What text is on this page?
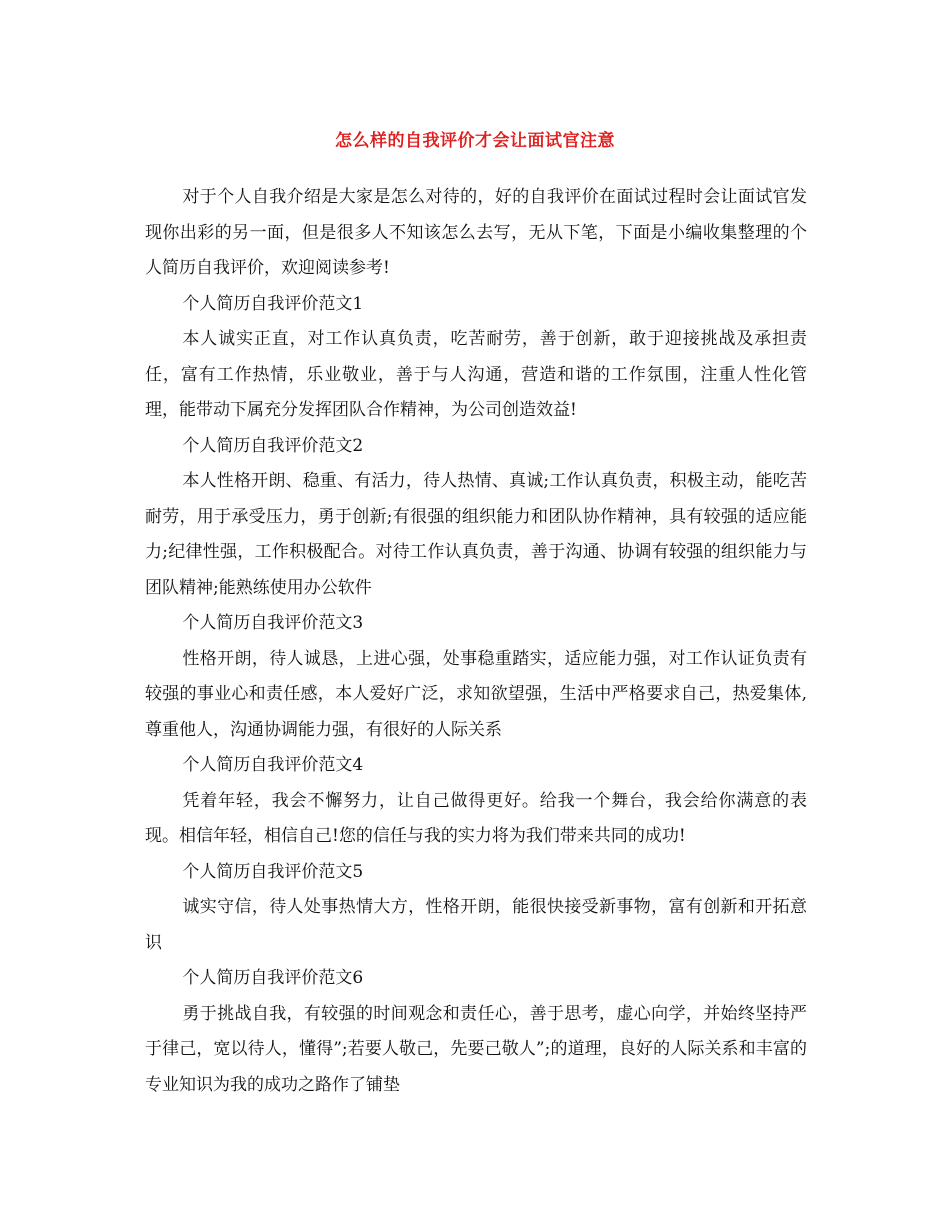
怎么样的自我评价才会让面试官注意

对于个人自我介绍是大家是怎么对待的，好的自我评价在面试过程时会让面试官发现你出彩的另一面，但是很多人不知该怎么去写，无从下笔，下面是小编收集整理的个人简历自我评价，欢迎阅读参考!

个人简历自我评价范文1

本人诚实正直，对工作认真负责，吃苦耐劳，善于创新，敢于迎接挑战及承担责任，富有工作热情，乐业敬业，善于与人沟通，营造和谐的工作氛围，注重人性化管理，能带动下属充分发挥团队合作精神，为公司创造效益!

个人简历自我评价范文2

本人性格开朗、稳重、有活力，待人热情、真诚;工作认真负责，积极主动，能吃苦耐劳，用于承受压力，勇于创新;有很强的组织能力和团队协作精神，具有较强的适应能力;纪律性强，工作积极配合。对待工作认真负责，善于沟通、协调有较强的组织能力与团队精神;能熟练使用办公软件

个人简历自我评价范文3

性格开朗，待人诚恳，上进心强，处事稳重踏实，适应能力强，对工作认证负责有较强的事业心和责任感，本人爱好广泛，求知欲望强，生活中严格要求自己，热爱集体,尊重他人，沟通协调能力强，有很好的人际关系

个人简历自我评价范文4

凭着年轻，我会不懈努力，让自己做得更好。给我一个舞台，我会给你满意的表现。相信年轻，相信自己!您的信任与我的实力将为我们带来共同的成功!

个人简历自我评价范文5

诚实守信，待人处事热情大方，性格开朗，能很快接受新事物，富有创新和开拓意识

个人简历自我评价范文6

勇于挑战自我，有较强的时间观念和责任心，善于思考，虚心向学，并始终坚持严于律己，宽以待人，懂得”;若要人敬己，先要己敬人”;的道理，良好的人际关系和丰富的专业知识为我的成功之路作了铺垫
